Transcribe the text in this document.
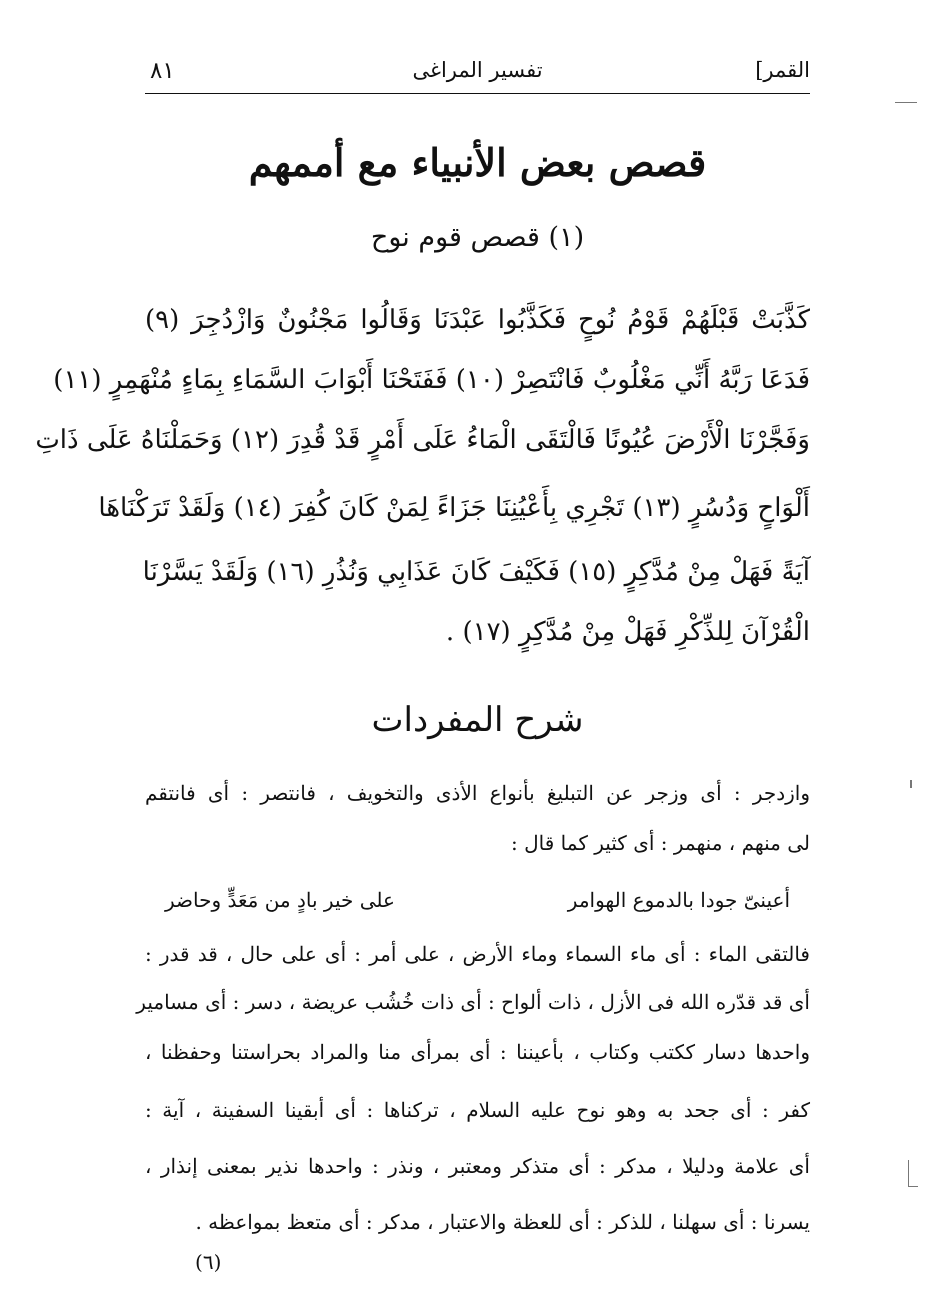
القمر]
تفسير المراغى
٨١
قصص بعض الأنبياء مع أممهم
(١) قصص قوم نوح
كَذَّبَتْ قَبْلَهُمْ قَوْمُ نُوحٍ فَكَذَّبُوا عَبْدَنَا وَقَالُوا مَجْنُونٌ وَازْدُجِرَ (٩)
فَدَعَا رَبَّهُ أَنِّي مَغْلُوبٌ فَانْتَصِرْ (١٠) فَفَتَحْنَا أَبْوَابَ السَّمَاءِ بِمَاءٍ مُنْهَمِرٍ (١١)
وَفَجَّرْنَا الْأَرْضَ عُيُونًا فَالْتَقَى الْمَاءُ عَلَى أَمْرٍ قَدْ قُدِرَ (١٢) وَحَمَلْنَاهُ عَلَى ذَاتِ
أَلْوَاحٍ وَدُسُرٍ (١٣) تَجْرِي بِأَعْيُنِنَا جَزَاءً لِمَنْ كَانَ كُفِرَ (١٤) وَلَقَدْ تَرَكْنَاهَا
آيَةً فَهَلْ مِنْ مُدَّكِرٍ (١٥) فَكَيْفَ كَانَ عَذَابِي وَنُذُرِ (١٦) وَلَقَدْ يَسَّرْنَا
الْقُرْآنَ لِلذِّكْرِ فَهَلْ مِنْ مُدَّكِرٍ (١٧) .
شرح المفردات
وازدجر : أى وزجر عن التبليغ بأنواع الأذى والتخويف ، فانتصر : أى فانتقم
لى منهم ، منهمر : أى كثير كما قال :
أعينىّ جودا بالدموع الهوامر
على خير بادٍ من مَعَدٍّ وحاضر
فالتقى الماء : أى ماء السماء وماء الأرض ، على أمر : أى على حال ، قد قدر :
أى قد قدّره الله فى الأزل ، ذات ألواح : أى ذات خُشُب عريضة ، دسر : أى مسامير
واحدها دسار ككتب وكتاب ، بأعيننا : أى بمرأى منا والمراد بحراستنا وحفظنا ،
كفر : أى جحد به وهو نوح عليه السلام ، تركناها : أى أبقينا السفينة ، آية :
أى علامة ودليلا ، مدكر : أى متذكر ومعتبر ، ونذر : واحدها نذير بمعنى إنذار ،
يسرنا : أى سهلنا ، للذكر : أى للعظة والاعتبار ، مدكر : أى متعظ بمواعظه .
(٦)
